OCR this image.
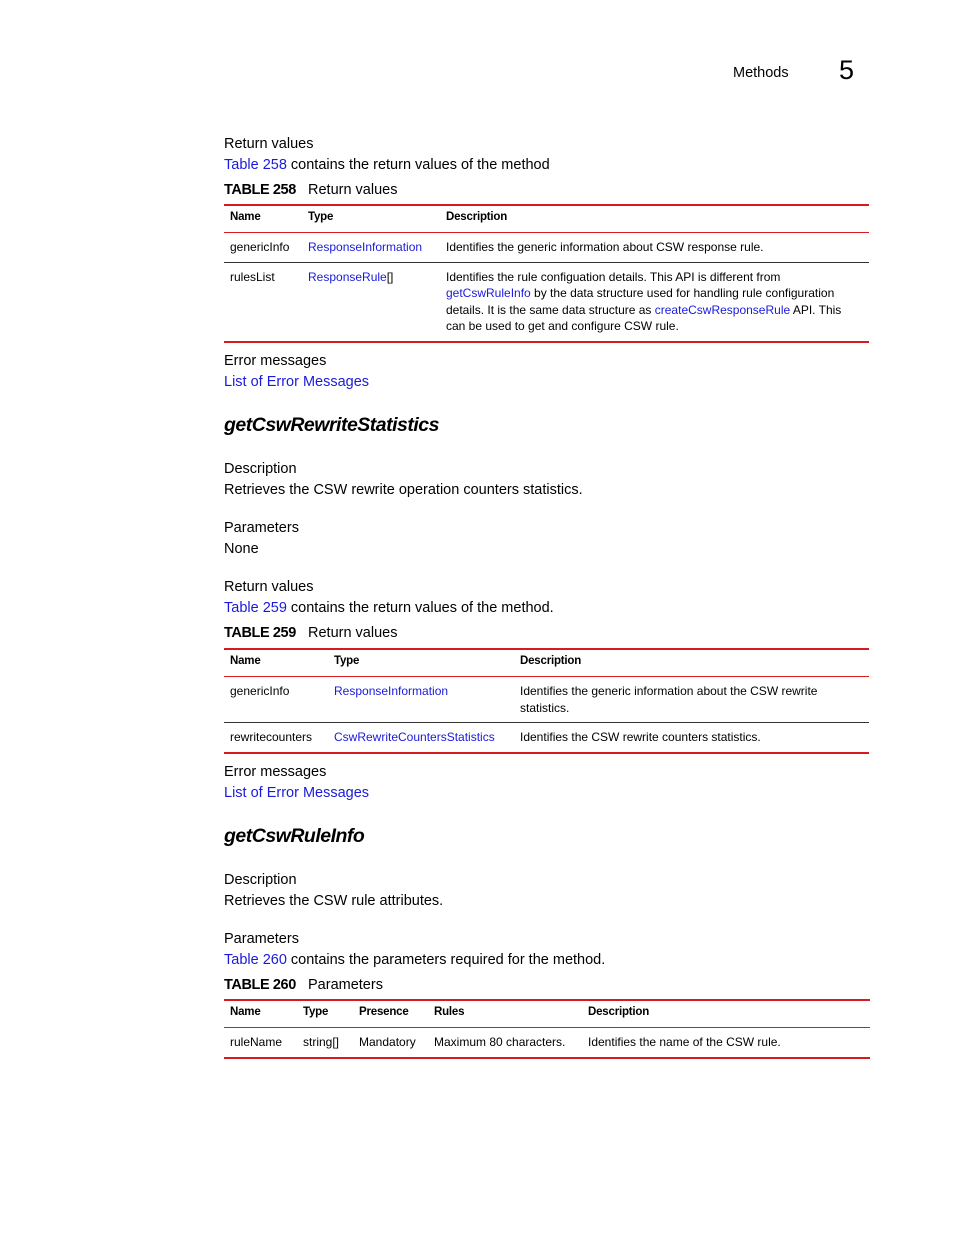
Methods 5
Return values
Table 258 contains the return values of the method
TABLE 258 Return values
Name	Type	Description
genericInfo	ResponseInformation	Identifies the generic information about CSW response rule.
rulesList	ResponseRule[]	Identifies the rule configuation details. This API is different from getCswRuleInfo by the data structure used for handling rule configuration details. It is the same data structure as createCswResponseRule API. This can be used to get and configure CSW rule.
Error messages
List of Error Messages
getCswRewriteStatistics
Description
Retrieves the CSW rewrite operation counters statistics.
Parameters
None
Return values
Table 259 contains the return values of the method.
TABLE 259 Return values
Name	Type	Description
genericInfo	ResponseInformation	Identifies the generic information about the CSW rewrite statistics.
rewritecounters	CswRewriteCountersStatistics	Identifies the CSW rewrite counters statistics.
Error messages
List of Error Messages
getCswRuleInfo
Description
Retrieves the CSW rule attributes.
Parameters
Table 260 contains the parameters required for the method.
TABLE 260 Parameters
Name	Type	Presence	Rules	Description
ruleName	string[]	Mandatory	Maximum 80 characters.	Identifies the name of the CSW rule.
